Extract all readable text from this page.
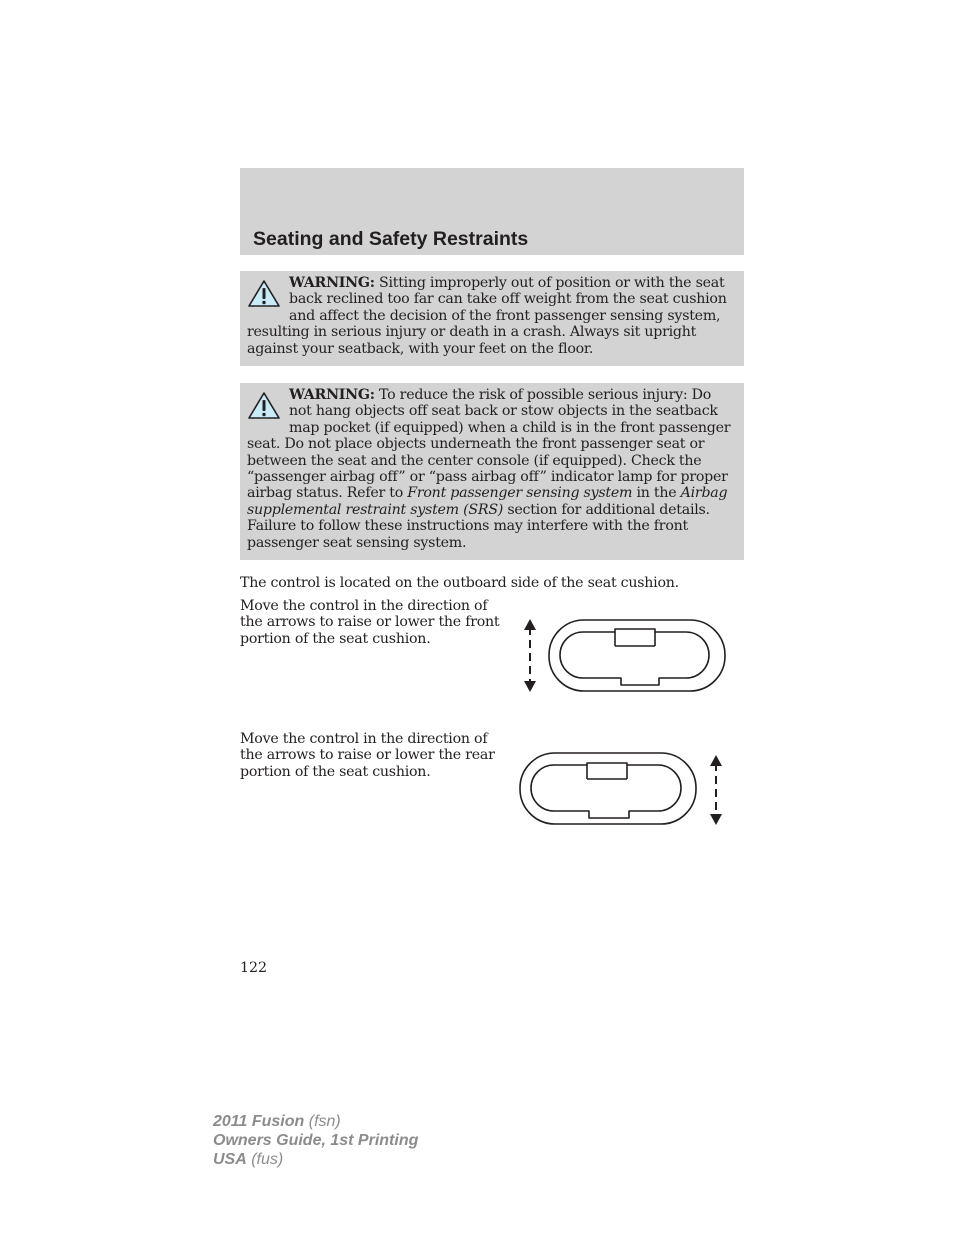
Seating and Safety Restraints

WARNING: Sitting improperly out of position or with the seat back reclined too far can take off weight from the seat cushion and affect the decision of the front passenger sensing system, resulting in serious injury or death in a crash. Always sit upright against your seatback, with your feet on the floor.

WARNING: To reduce the risk of possible serious injury: Do not hang objects off seat back or stow objects in the seatback map pocket (if equipped) when a child is in the front passenger seat. Do not place objects underneath the front passenger seat or between the seat and the center console (if equipped). Check the “passenger airbag off” or “pass airbag off” indicator lamp for proper airbag status. Refer to Front passenger sensing system in the Airbag supplemental restraint system (SRS) section for additional details. Failure to follow these instructions may interfere with the front passenger seat sensing system.

The control is located on the outboard side of the seat cushion.

Move the control in the direction of the arrows to raise or lower the front portion of the seat cushion.

Move the control in the direction of the arrows to raise or lower the rear portion of the seat cushion.

122

2011 Fusion (fsn)
Owners Guide, 1st Printing
USA (fus)
